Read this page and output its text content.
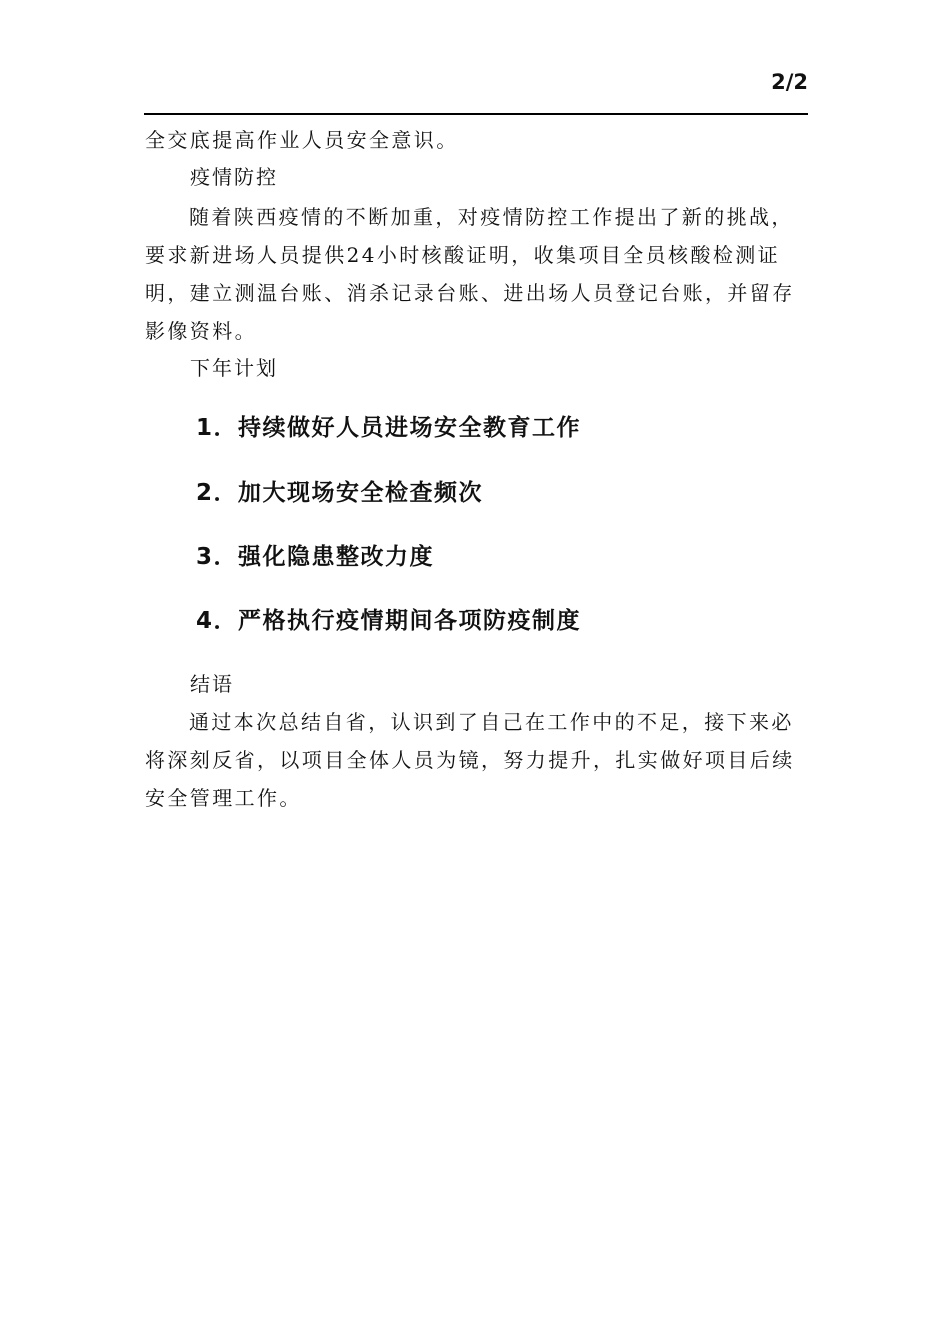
2/2

全交底提高作业人员安全意识。

疫情防控

随着陕西疫情的不断加重，对疫情防控工作提出了新的挑战，要求新进场人员提供24小时核酸证明，收集项目全员核酸检测证明，建立测温台账、消杀记录台账、进出场人员登记台账，并留存影像资料。

下年计划

1．持续做好人员进场安全教育工作

2．加大现场安全检查频次

3．强化隐患整改力度

4．严格执行疫情期间各项防疫制度

结语

通过本次总结自省，认识到了自己在工作中的不足，接下来必将深刻反省，以项目全体人员为镜，努力提升，扎实做好项目后续安全管理工作。
